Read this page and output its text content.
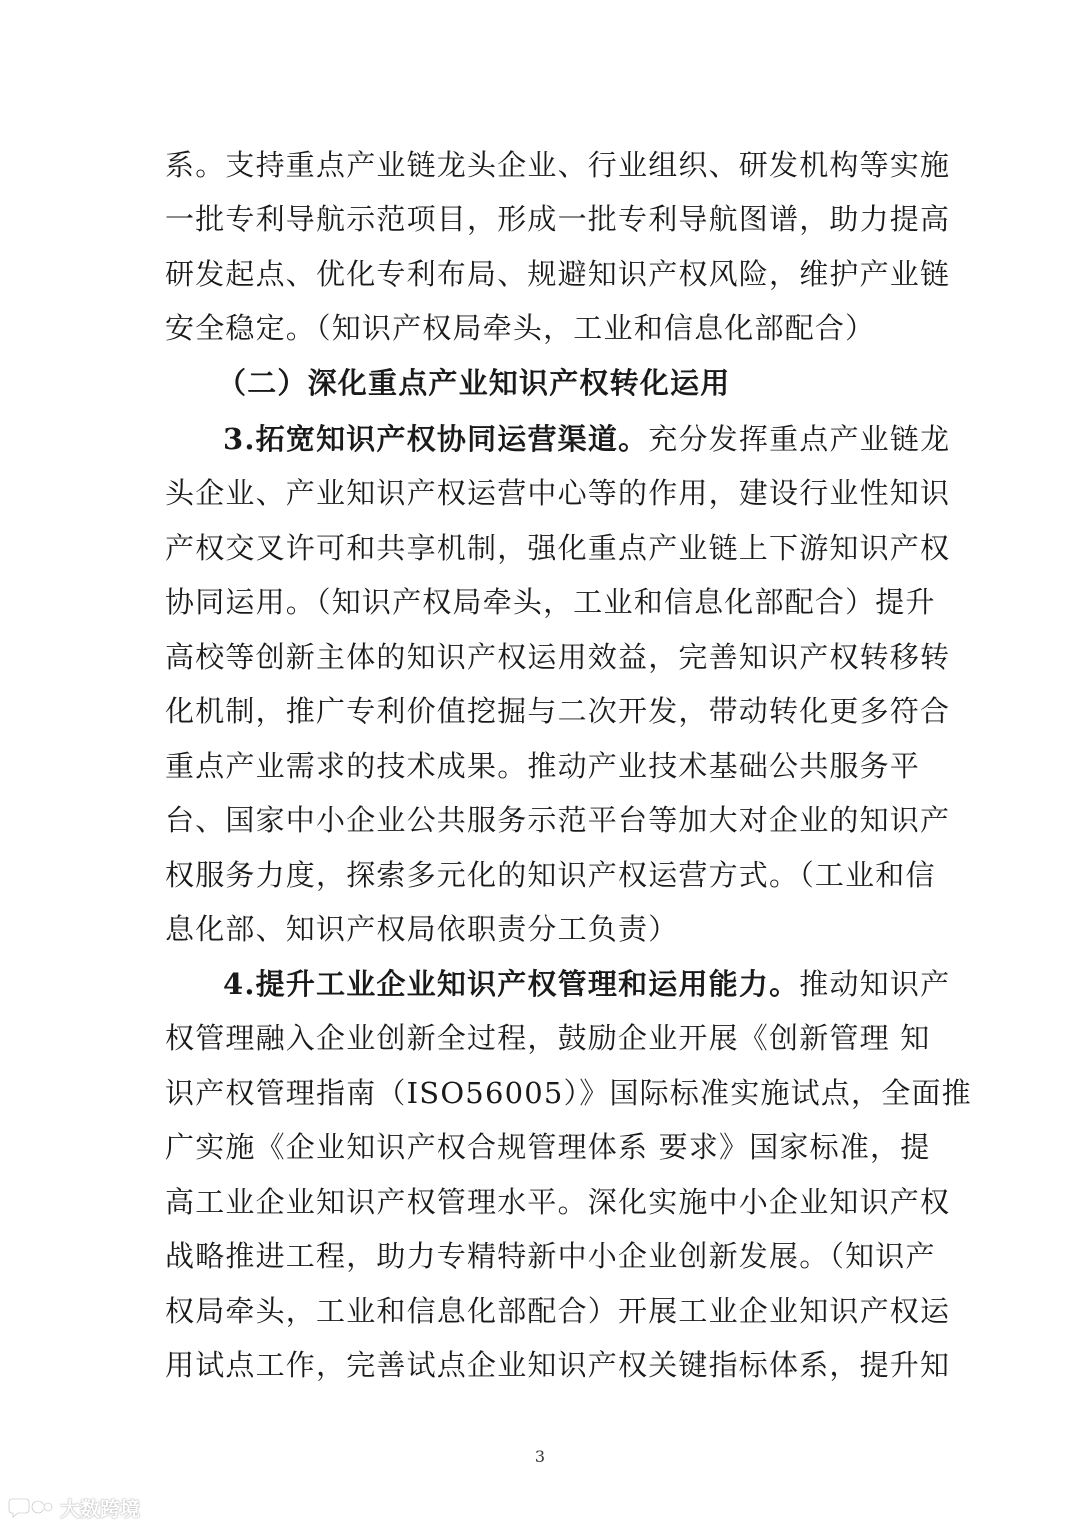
系。支持重点产业链龙头企业、行业组织、研发机构等实施
一批专利导航示范项目，形成一批专利导航图谱，助力提高
研发起点、优化专利布局、规避知识产权风险，维护产业链
安全稳定。（知识产权局牵头，工业和信息化部配合）
（二）深化重点产业知识产权转化运用
3.拓宽知识产权协同运营渠道。充分发挥重点产业链龙
头企业、产业知识产权运营中心等的作用，建设行业性知识
产权交叉许可和共享机制，强化重点产业链上下游知识产权
协同运用。（知识产权局牵头，工业和信息化部配合）提升
高校等创新主体的知识产权运用效益，完善知识产权转移转
化机制，推广专利价值挖掘与二次开发，带动转化更多符合
重点产业需求的技术成果。推动产业技术基础公共服务平
台、国家中小企业公共服务示范平台等加大对企业的知识产
权服务力度，探索多元化的知识产权运营方式。（工业和信
息化部、知识产权局依职责分工负责）
4.提升工业企业知识产权管理和运用能力。推动知识产
权管理融入企业创新全过程，鼓励企业开展《创新管理 知
识产权管理指南（ISO56005）》国际标准实施试点，全面推
广实施《企业知识产权合规管理体系 要求》国家标准，提
高工业企业知识产权管理水平。深化实施中小企业知识产权
战略推进工程，助力专精特新中小企业创新发展。（知识产
权局牵头，工业和信息化部配合）开展工业企业知识产权运
用试点工作，完善试点企业知识产权关键指标体系，提升知
3
大数跨境
